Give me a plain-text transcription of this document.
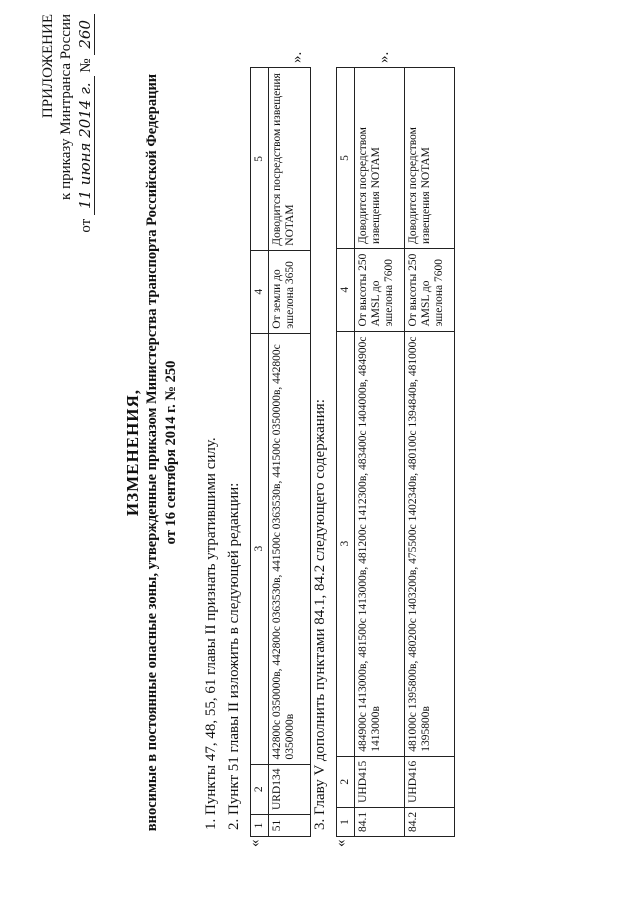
ПРИЛОЖЕНИЕ к приказу Минтранса России
от 11 июня 2014 г. № 260
ИЗМЕНЕНИЯ, вносимые в постоянные опасные зоны, утвержденные приказом Министерства транспорта Российской Федерации от 16 сентября 2014 г. № 250 1. Пункты 47, 48, 55, 61 главы II признать утратившими силу. 2. Пункт 51 главы II изложить в следующей редакции:
«
1	2	3	4	5
51	URD134	442800с 0350000в, 442800с 0363530в, 441500с 0363530в, 441500с 0350000в, 442800с 0350000в	От земли до эшелона 3650	Доводится посредством извещения NOTAM
».
3. Главу V дополнить пунктами 84.1, 84.2 следующего содержания:
«
1	2	3	4	5
84.1	UHD415	484900с 1413000в, 481500с 1413000в, 481200с 1412300в, 483400с 1404000в, 484900с 1413000в	От высоты 250 AMSL до эшелона 7600	Доводится посредством извещения NOTAM
84.2	UHD416	481000с 1395800в, 480200с 1403200в, 475500с 1402340в, 480100с 1394840в, 481000с 1395800в	От высоты 250 AMSL до эшелона 7600	Доводится посредством извещения NOTAM
».
